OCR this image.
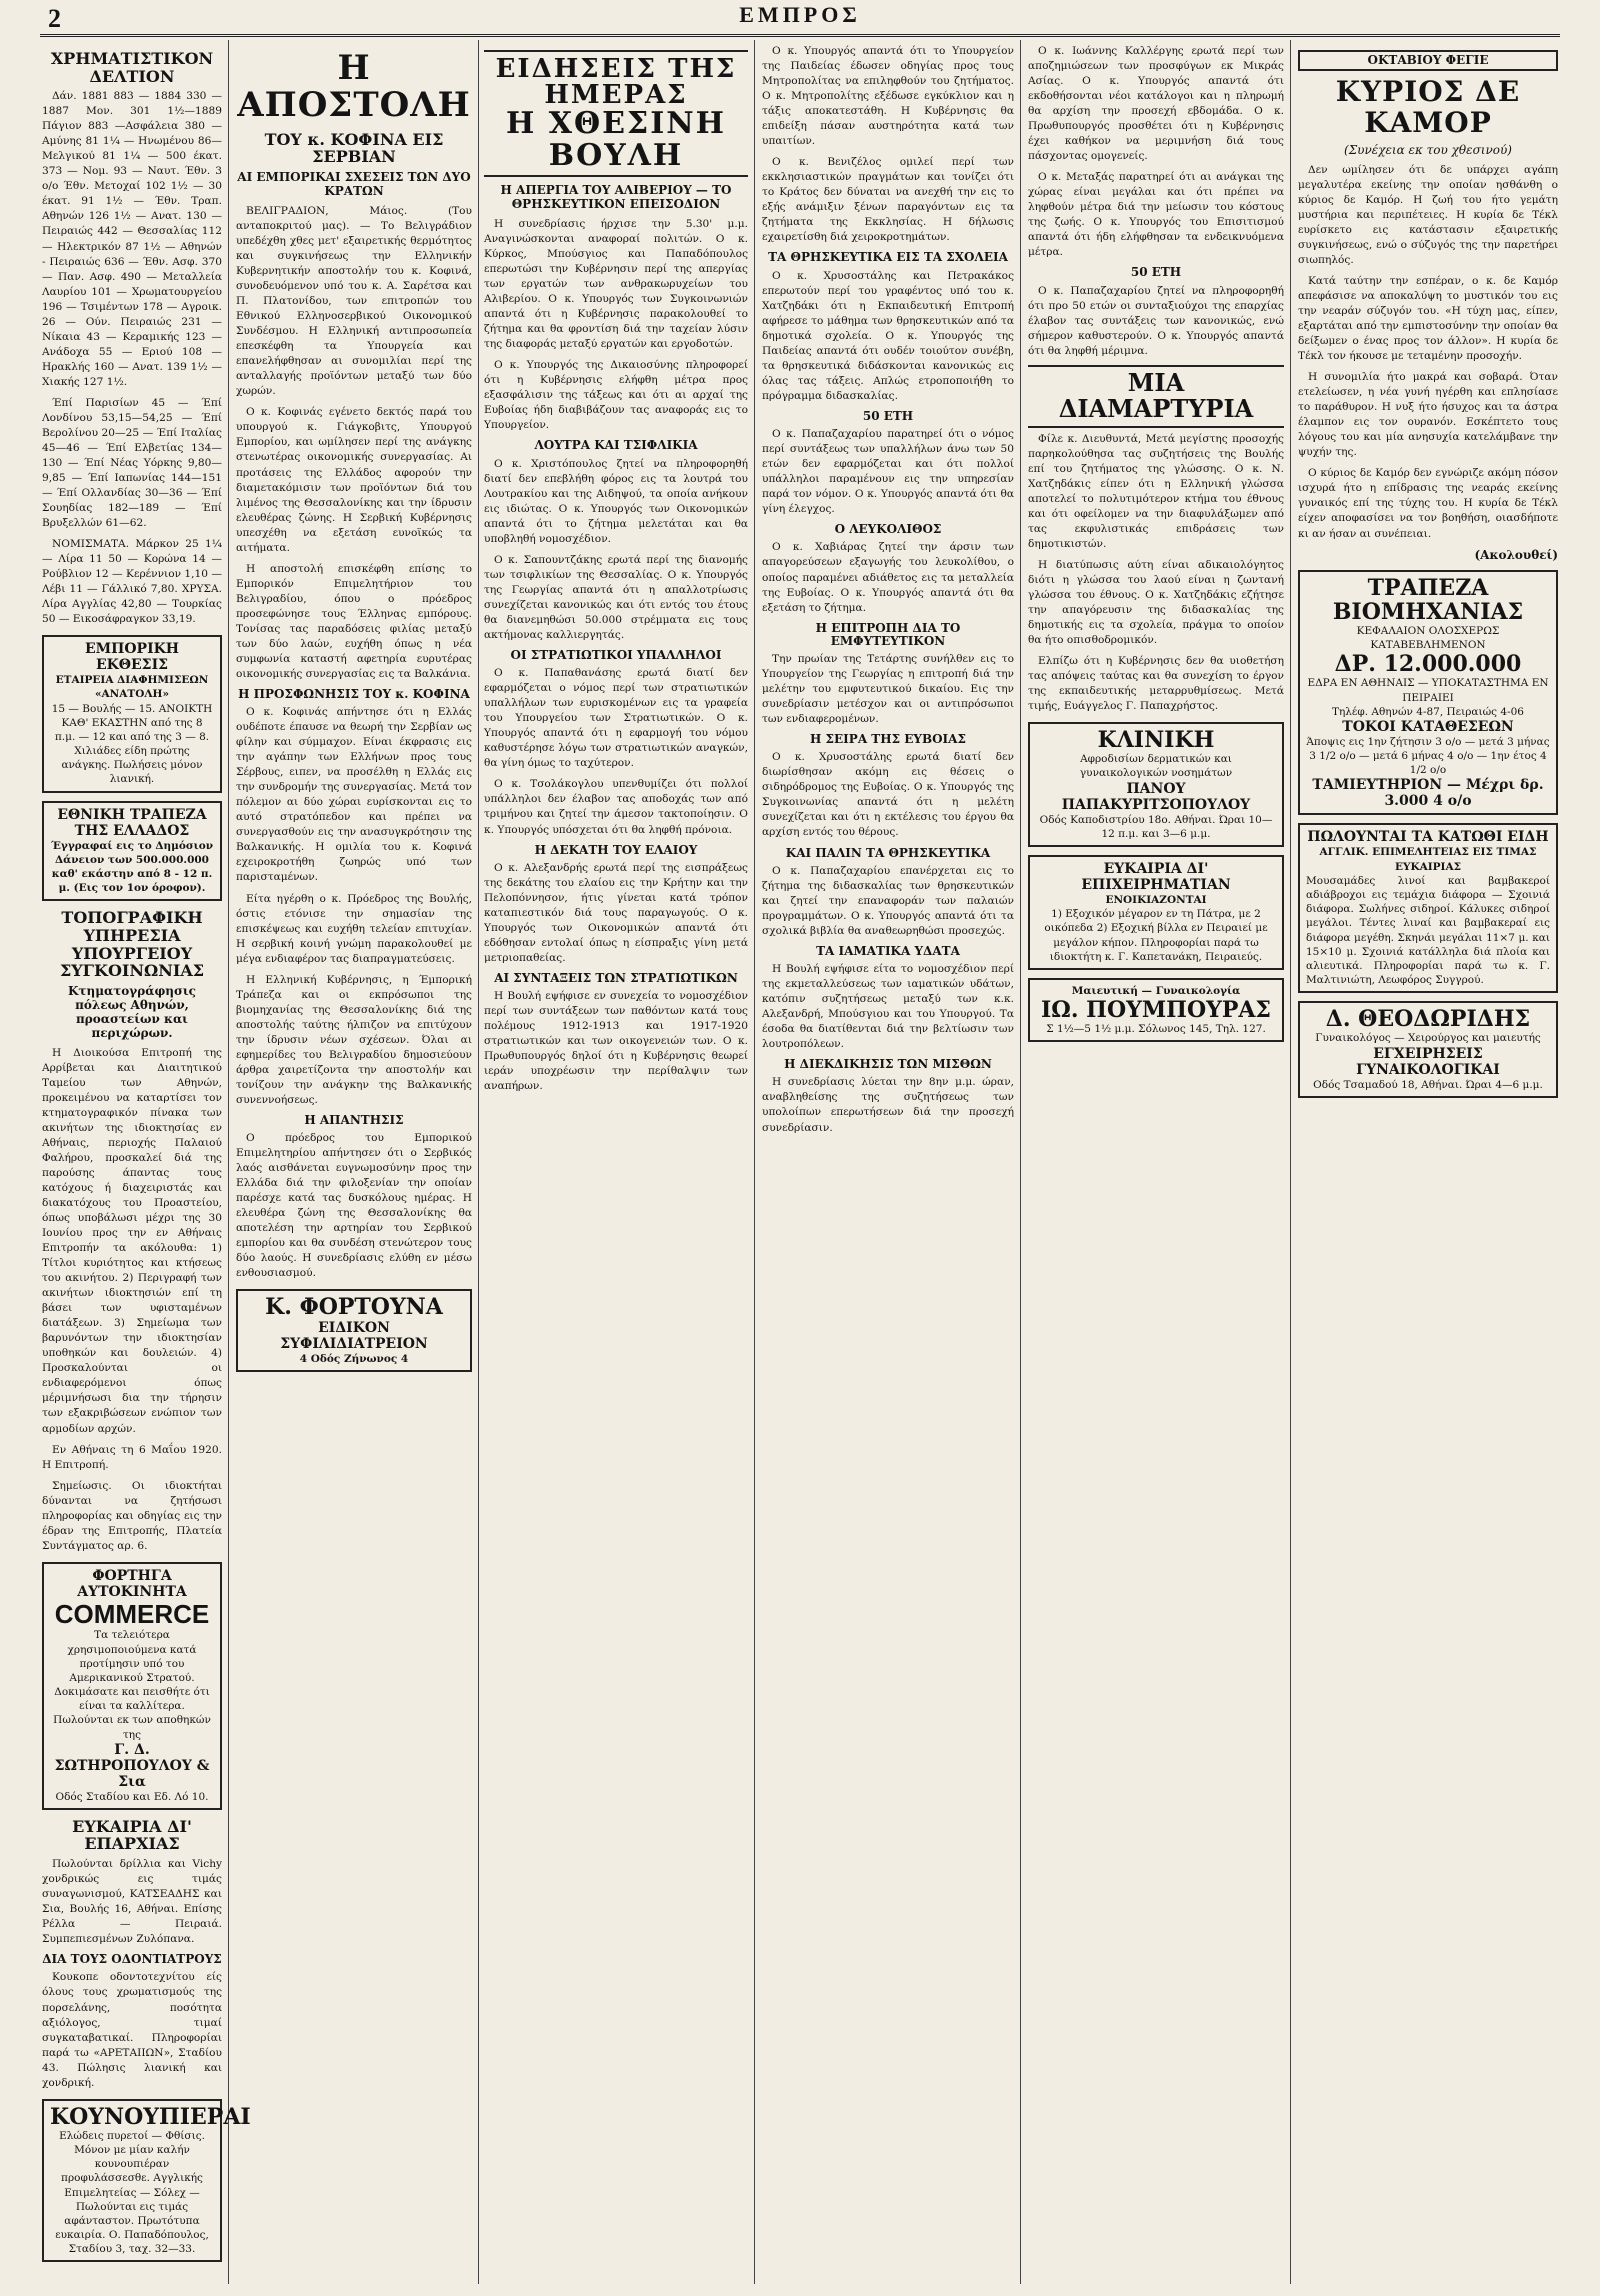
2	ΕΜΠΡΟΣ
ΧΡΗΜΑΤΙΣΤΙΚΟΝ ΔΕΛΤΙΟΝ

Δάν. 1881 883 — 1884 330 — 1887 Μον. 301 1½—1889 Πάγιον 883 —Ασφάλεια 380 —Αμύνης 81 1¼ — Ηνωμένου 86— Μελγικού 81 1¼ — 500 έκατ. 373 — Νομ. 93 — Ναυτ. Έθν. 3 ο/ο Έθν. Μετοχαί 102 1½ — 30 έκατ. 91 1½ — Έθν. Τραπ. Αθηνών 126 1½ — Ανατ. 130 — Πειραιώς 442 — Θεσσαλίας 112 — Ηλεκτρικόν 87 1½ — Αθηνών - Πειραιώς 636 — Έθν. Ασφ. 370 — Παν. Ασφ. 490 — Μεταλλεία Λαυρίου 101 — Χρωματουργείου 196 — Τσιμέντων 178 — Αγροικ. 26 — Ούν. Πειραιώς 231 — Νίκαια 43 — Κεραμικής 123 — Ανάδοχα 55 — Εριού 108 — Ηρακλής 160 — Ανατ. 139 1½ — Χιακής 127 1½.

Έπί Παρισίων 45 — Έπί Λονδίνου 53,15—54,25 — Έπί Βερολίνου 20—25 — Έπί Ιταλίας 45—46 — Έπί Ελβετίας 134—130 — Έπί Νέας Υόρκης 9,80—9,85 — Έπί Ιαπωνίας 144—151 — Έπί Ολλανδίας 30—36 — Έπί Σουηδίας 182—189 — Έπί Βρυξελλών 61—62.

ΝΟΜΙΣΜΑΤΑ. Μάρκον 25 1¼ — Λίρα 11 50 — Κορώνα 14 — Ρούβλιον 12 — Κερέννιον 1,10 — Λέβι 11 — Γάλλικό 7,80. ΧΡΥΣΑ. Λίρα Αγγλίας 42,80 — Τουρκίας 50 — Εικοσάφραγκον 33,19.

ΕΜΠΟΡΙΚΗ ΕΚΘΕΣΙΣ
ΕΤΑΙΡΕΙΑ ΔΙΑΦΗΜΙΣΕΩΝ «ΑΝΑΤΟΛΗ»
15 — Βουλής — 15. ΑΝΟΙΚΤΗ ΚΑΘ' ΕΚΑΣΤΗΝ από της 8 π.μ. — 12 και από της 3 — 8. Χιλιάδες είδη πρώτης ανάγκης. Πωλήσεις μόνον λιανική.
ΕΘΝΙΚΗ ΤΡΑΠΕΖΑ ΤΗΣ ΕΛΛΑΔΟΣ
Έγγραφαί εις το Δημόσιον Δάνειον των 500.000.000 καθ' εκάστην από 8 - 12 π. μ. (Εις τον 1ον όροφον).
ΤΟΠΟΓΡΑΦΙΚΗ ΥΠΗΡΕΣΙΑ ΥΠΟΥΡΓΕΙΟΥ ΣΥΓΚΟΙΝΩΝΙΑΣ
Κτηματογράφησις πόλεως Αθηνών, προαστείων και περιχώρων.

Η Διοικούσα Επιτροπή της Αρρίβεται και Διαιτητικού Ταμείου των Αθηνών, προκειμένου να καταρτίσει τον κτηματογραφικόν πίνακα των ακινήτων της ιδιοκτησίας εν Αθήναις, περιοχής Παλαιού Φαλήρου, προσκαλεί διά της παρούσης άπαντας τους κατόχους ή διαχειριστάς και διακατόχους του Προαστείου, όπως υποβάλωσι μέχρι της 30 Ιουνίου προς την εν Αθήναις Επιτροπήν τα ακόλουθα: 1) Τίτλοι κυριότητος και κτήσεως του ακινήτου. 2) Περιγραφή των ακινήτων ιδιοκτησιών επί τη βάσει των υφισταμένων διατάξεων. 3) Σημείωμα των βαρυνόντων την ιδιοκτησίαν υποθηκών και δουλειών. 4) Προσκαλούνται οι ενδιαφερόμενοι όπως μέριμνήσωσι δια την τήρησιν των εξακριβώσεων ενώπιον των αρμοδίων αρχών.

Εν Αθήναις τη 6 Μαΐου 1920. Η Επιτροπή.

Σημείωσις. Οι ιδιοκτήται δύνανται να ζητήσωσι πληροφορίας και οδηγίας εις την έδραν της Επιτροπής, Πλατεία Συντάγματος αρ. 6.

ΦΟΡΤΗΓΑ ΑΥΤΟΚΙΝΗΤΑ
COMMERCE
Τα τελειότερα χρησιμοποιούμενα κατά προτίμησιν υπό του Αμερικανικού Στρατού. Δοκιμάσατε και πεισθήτε ότι είναι τα καλλίτερα. Πωλούνται εκ των αποθηκών της
Γ. Δ. ΣΩΤΗΡΟΠΟΥΛΟΥ & Σια
Οδός Σταδίου και Εδ. Λό 10.
ΕΥΚΑΙΡΙΑ ΔΙ' ΕΠΑΡΧΙΑΣ

Πωλούνται δρίλλια και Vichy χονδρικώς εις τιμάς συναγωνισμού, ΚΑΤΣΕΑΔΗΣ και Σια, Βουλής 16, Αθήναι. Επίσης Ρέλλα — Πειραιά. Συμπεπιεσμένων Ζυλόπανα.

ΔΙΑ ΤΟΥΣ ΟΔΟΝΤΙΑΤΡΟΥΣ

Κουκοπε οδοντοτεχνίτου είς όλους τους χρωματισμούς της πορσελάνης, ποσότητα αξιόλογος, τιμαί συγκαταβατικαί. Πληροφορίαι παρά τω «ΑΡΕΤΑΙΙΩΝ», Σταδίου 43. Πώλησις λιανική και χονδρική.

ΚΟΥΝΟΥΠΙΕΡΑΙ
Ελώδεις πυρετοί — Φθίσις. Μόνον με μίαν καλήν κουνουπιέραν προφυλάσσεσθε. Αγγλικής Επιμελητείας — Σόλεχ — Πωλούνται εις τιμάς αφάνταστον. Πρωτότυπα ευκαιρία. Ο. Παπαδόπουλος, Σταδίου 3, ταχ. 32—33.
Η ΑΠΟΣΤΟΛΗ
ΤΟΥ κ. ΚΟΦΙΝΑ ΕΙΣ ΣΕΡΒΙΑΝ
ΑΙ ΕΜΠΟΡΙΚΑΙ ΣΧΕΣΕΙΣ ΤΩΝ ΔΥΟ ΚΡΑΤΩΝ

ΒΕΛΙΓΡΑΔΙΟΝ, Μάιος. (Του ανταποκριτού μας). — Το Βελιγράδιον υπεδέχθη χθες μετ' εξαιρετικής θερμότητος και συγκινήσεως την Ελληνικήν Κυβερνητικήν αποστολήν του κ. Κοφινά, συνοδευόμενον υπό του κ. Α. Σαρέτσα και Π. Πλατονίδου, των επιτροπών του Εθνικού Ελληνοσερβικού Οικονομικού Συνδέσμου. Η Ελληνική αντιπροσωπεία επεσκέφθη τα Υπουργεία και επανελήφθησαν αι συνομιλίαι περί της ανταλλαγής προϊόντων μεταξύ των δύο χωρών.

Ο κ. Κοφινάς εγένετο δεκτός παρά του υπουργού κ. Γιάγκοβιτς, Υπουργού Εμπορίου, και ωμίλησεν περί της ανάγκης στενωτέρας οικονομικής συνεργασίας. Αι προτάσεις της Ελλάδος αφορούν την διαμετακόμισιν των προϊόντων διά του λιμένος της Θεσσαλονίκης και την ίδρυσιν ελευθέρας ζώνης. Η Σερβική Κυβέρνησις υπεσχέθη να εξετάση ευνοϊκώς τα αιτήματα.

Η αποστολή επισκέφθη επίσης το Εμπορικόν Επιμελητήριον του Βελιγραδίου, όπου ο πρόεδρος προσεφώνησε τους Έλληνας εμπόρους. Τονίσας τας παραδόσεις φιλίας μεταξύ των δύο λαών, ευχήθη όπως η νέα συμφωνία καταστή αφετηρία ευρυτέρας οικονομικής συνεργασίας εις τα Βαλκάνια.

Η ΠΡΟΣΦΩΝΗΣΙΣ ΤΟΥ κ. ΚΟΦΙΝΑ

Ο κ. Κοφινάς απήντησε ότι η Ελλάς ουδέποτε έπαυσε να θεωρή την Σερβίαν ως φίλην και σύμμαχον. Είναι έκφρασις εις την αγάπην των Ελλήνων προς τους Σέρβους, ειπεν, να προσέλθη η Ελλάς εις την συνδρομήν της συνεργασίας. Μετά τον πόλεμον αι δύο χώραι ευρίσκονται εις το αυτό στρατόπεδον και πρέπει να συνεργασθούν εις την ανασυγκρότησιν της Βαλκανικής. Η ομιλία του κ. Κοφινά εχειροκροτήθη ζωηρώς υπό των παρισταμένων.

Είτα ηγέρθη ο κ. Πρόεδρος της Βουλής, όστις ετόνισε την σημασίαν της επισκέψεως και ευχήθη τελείαν επιτυχίαν. Η σερβική κοινή γνώμη παρακολουθεί με μέγα ενδιαφέρον τας διαπραγματεύσεις.

Η Ελληνική Κυβέρνησις, η Έμπορική Τράπεζα και οι εκπρόσωποι της βιομηχανίας της Θεσσαλονίκης διά της αποστολής ταύτης ήλπιζον να επιτύχουν την ίδρυσιν νέων σχέσεων. Όλαι αι εφημερίδες του Βελιγραδίου δημοσιεύουν άρθρα χαιρετίζοντα την αποστολήν και τονίζουν την ανάγκην της Βαλκανικής συνεννοήσεως.

Η ΑΠΑΝΤΗΣΙΣ

Ο πρόεδρος του Εμπορικού Επιμελητηρίου απήντησεν ότι ο Σερβικός λαός αισθάνεται ευγνωμοσύνην προς την Ελλάδα διά την φιλοξενίαν την οποίαν παρέσχε κατά τας δυσκόλους ημέρας. Η ελευθέρα ζώνη της Θεσσαλονίκης θα αποτελέση την αρτηρίαν του Σερβικού εμπορίου και θα συνδέση στενώτερον τους δύο λαούς. Η συνεδρίασις ελύθη εν μέσω ενθουσιασμού.

Κ. ΦΟΡΤΟΥΝΑ
ΕΙΔΙΚΟΝ ΣΥΦΙΛΙΔΙΑΤΡΕΙΟΝ
4 Οδός Ζήνωνος 4

Ο κ. Υπουργός απαντά ότι το Υπουργείον της Παιδείας έδωσεν οδηγίας προς τους Μητροπολίτας να επιληφθούν του ζητήματος. Ο κ. Μητροπολίτης εξέδωσε εγκύκλιον και η τάξις αποκατεστάθη. Η Κυβέρνησις θα επιδείξη πάσαν αυστηρότητα κατά των υπαιτίων.

Ο κ. Βενιζέλος ομιλεί περί των εκκλησιαστικών πραγμάτων και τονίζει ότι το Κράτος δεν δύναται να ανεχθή την εις το εξής ανάμιξιν ξένων παραγόντων εις τα ζητήματα της Εκκλησίας. Η δήλωσις εχαιρετίσθη διά χειροκροτημάτων.

ΤΑ ΘΡΗΣΚΕΥΤΙΚΑ ΕΙΣ ΤΑ ΣΧΟΛΕΙΑ

Ο κ. Χρυσοστάλης και Πετρακάκος επερωτούν περί του γραφέντος υπό του κ. Χατζηδάκι ότι η Εκπαιδευτική Επιτροπή αφήρεσε το μάθημα των θρησκευτικών από τα δημοτικά σχολεία. Ο κ. Υπουργός της Παιδείας απαντά ότι ουδέν τοιούτον συνέβη, τα θρησκευτικά διδάσκονται κανονικώς εις όλας τας τάξεις. Απλώς ετροποποιήθη το πρόγραμμα διδασκαλίας.

50 ΕΤΗ

Ο κ. Παπαζαχαρίου παρατηρεί ότι ο νόμος περί συντάξεως των υπαλλήλων άνω των 50 ετών δεν εφαρμόζεται και ότι πολλοί υπάλληλοι παραμένουν εις την υπηρεσίαν παρά τον νόμον. Ο κ. Υπουργός απαντά ότι θα γίνη έλεγχος.

Ο ΛΕΥΚΟΛΙΘΟΣ

Ο κ. Χαβιάρας ζητεί την άρσιν των απαγορεύσεων εξαγωγής του λευκολίθου, ο οποίος παραμένει αδιάθετος εις τα μεταλλεία της Ευβοίας. Ο κ. Υπουργός απαντά ότι θα εξετάση το ζήτημα.

Η ΕΠΙΤΡΟΠΗ ΔΙΑ ΤΟ ΕΜΦΥΤΕΥΤΙΚΟΝ

Την πρωίαν της Τετάρτης συνήλθεν εις το Υπουργείον της Γεωργίας η επιτροπή διά την μελέτην του εμφυτευτικού δικαίου. Εις την συνεδρίασιν μετέσχον και οι αντιπρόσωποι των ενδιαφερομένων.

Η ΣΕΙΡΑ ΤΗΣ ΕΥΒΟΙΑΣ

Ο κ. Χρυσοστάλης ερωτά διατί δεν διωρίσθησαν ακόμη εις θέσεις ο σιδηρόδρομος της Ευβοίας. Ο κ. Υπουργός της Συγκοινωνίας απαντά ότι η μελέτη συνεχίζεται και ότι η εκτέλεσις του έργου θα αρχίση εντός του θέρους.

ΚΑΙ ΠΑΛΙΝ ΤΑ ΘΡΗΣΚΕΥΤΙΚΑ

Ο κ. Παπαζαχαρίου επανέρχεται εις το ζήτημα της διδασκαλίας των θρησκευτικών και ζητεί την επαναφοράν των παλαιών προγραμμάτων. Ο κ. Υπουργός απαντά ότι τα σχολικά βιβλία θα αναθεωρηθώσι προσεχώς.

ΤΑ ΙΑΜΑΤΙΚΑ ΥΔΑΤΑ

Η Βουλή εψήφισε είτα το νομοσχέδιον περί της εκμεταλλεύσεως των ιαματικών υδάτων, κατόπιν συζητήσεως μεταξύ των κ.κ. Αλεξανδρή, Μπούσγιου και του Υπουργού. Τα έσοδα θα διατίθενται διά την βελτίωσιν των λουτροπόλεων.

Η ΔΙΕΚΔΙΚΗΣΙΣ ΤΩΝ ΜΙΣΘΩΝ

Η συνεδρίασις λύεται την 8ην μ.μ. ώραν, αναβληθείσης της συζητήσεως των υπολοίπων επερωτήσεων διά την προσεχή συνεδρίασιν.

ΕΙΔΗΣΕΙΣ ΤΗΣ ΗΜΕΡΑΣ
Η ΧΘΕΣΙΝΗ ΒΟΥΛΗ
Η ΑΠΕΡΓΙΑ ΤΟΥ ΑΛΙΒΕΡΙΟΥ — ΤΟ ΘΡΗΣΚΕΥΤΙΚΟΝ ΕΠΕΙΣΟΔΙΟΝ

Η συνεδρίασις ήρχισε την 5.30' μ.μ. Αναγινώσκονται αναφοραί πολιτών. Ο κ. Κύρκος, Μπούσγιος και Παπαδόπουλος επερωτώσι την Κυβέρνησιν περί της απεργίας των εργατών των ανθρακωρυχείων του Αλιβερίου. Ο κ. Υπουργός των Συγκοινωνιών απαντά ότι η Κυβέρνησις παρακολουθεί το ζήτημα και θα φροντίση διά την ταχείαν λύσιν της διαφοράς μεταξύ εργατών και εργοδοτών.

Ο κ. Υπουργός της Δικαιοσύνης πληροφορεί ότι η Κυβέρνησις ελήφθη μέτρα προς εξασφάλισιν της τάξεως και ότι αι αρχαί της Ευβοίας ήδη διαβιβάζουν τας αναφοράς εις το Υπουργείον.

ΛΟΥΤΡΑ ΚΑΙ ΤΣΙΦΛΙΚΙΑ

Ο κ. Χριστόπουλος ζητεί να πληροφορηθή διατί δεν επεβλήθη φόρος εις τα λουτρά του Λουτρακίου και της Αιδηψού, τα οποία ανήκουν εις ιδιώτας. Ο κ. Υπουργός των Οικονομικών απαντά ότι το ζήτημα μελετάται και θα υποβληθή νομοσχέδιον.

Ο κ. Σαπουντζάκης ερωτά περί της διανομής των τσιφλικίων της Θεσσαλίας. Ο κ. Υπουργός της Γεωργίας απαντά ότι η απαλλοτρίωσις συνεχίζεται κανονικώς και ότι εντός του έτους θα διανεμηθώσι 50.000 στρέμματα εις τους ακτήμονας καλλιεργητάς.

ΟΙ ΣΤΡΑΤΙΩΤΙΚΟΙ ΥΠΑΛΛΗΛΟΙ

Ο κ. Παπαθανάσης ερωτά διατί δεν εφαρμόζεται ο νόμος περί των στρατιωτικών υπαλλήλων των ευρισκομένων εις τα γραφεία του Υπουργείου των Στρατιωτικών. Ο κ. Υπουργός απαντά ότι η εφαρμογή του νόμου καθυστέρησε λόγω των στρατιωτικών αναγκών, θα γίνη όμως το ταχύτερον.

Ο κ. Τσολάκογλου υπενθυμίζει ότι πολλοί υπάλληλοι δεν έλαβον τας αποδοχάς των από τριμήνου και ζητεί την άμεσον τακτοποίησιν. Ο κ. Υπουργός υπόσχεται ότι θα ληφθή πρόνοια.

Η ΔΕΚΑΤΗ ΤΟΥ ΕΛΑΙΟΥ

Ο κ. Αλεξανδρής ερωτά περί της εισπράξεως της δεκάτης του ελαίου εις την Κρήτην και την Πελοπόννησον, ήτις γίνεται κατά τρόπον καταπιεστικόν διά τους παραγωγούς. Ο κ. Υπουργός των Οικονομικών απαντά ότι εδόθησαν εντολαί όπως η είσπραξις γίνη μετά μετριοπαθείας.

ΑΙ ΣΥΝΤΑΞΕΙΣ ΤΩΝ ΣΤΡΑΤΙΩΤΙΚΩΝ

Η Βουλή εψήφισε εν συνεχεία το νομοσχέδιον περί των συντάξεων των παθόντων κατά τους πολέμους 1912-1913 και 1917-1920 στρατιωτικών και των οικογενειών των. Ο κ. Πρωθυπουργός δηλοί ότι η Κυβέρνησις θεωρεί ιεράν υποχρέωσιν την περίθαλψιν των αναπήρων.

Ο κ. Ιωάννης Καλλέργης ερωτά περί των αποζημιώσεων των προσφύγων εκ Μικράς Ασίας. Ο κ. Υπουργός απαντά ότι εκδοθήσονται νέοι κατάλογοι και η πληρωμή θα αρχίση την προσεχή εβδομάδα. Ο κ. Πρωθυπουργός προσθέτει ότι η Κυβέρνησις έχει καθήκον να μεριμνήση διά τους πάσχοντας ομογενείς.

Ο κ. Μεταξάς παρατηρεί ότι αι ανάγκαι της χώρας είναι μεγάλαι και ότι πρέπει να ληφθούν μέτρα διά την μείωσιν του κόστους της ζωής. Ο κ. Υπουργός του Επισιτισμού απαντά ότι ήδη ελήφθησαν τα ενδεικνυόμενα μέτρα.

50 ΕΤΗ

Ο κ. Παπαζαχαρίου ζητεί να πληροφορηθή ότι προ 50 ετών οι συνταξιούχοι της επαρχίας έλαβον τας συντάξεις των κανονικώς, ενώ σήμερον καθυστερούν. Ο κ. Υπουργός απαντά ότι θα ληφθή μέριμνα.

ΜΙΑ ΔΙΑΜΑΡΤΥΡΙΑ

Φίλε κ. Διευθυντά, Μετά μεγίστης προσοχής παρηκολούθησα τας συζητήσεις της Βουλής επί του ζητήματος της γλώσσης. Ο κ. Ν. Χατζηδάκις είπεν ότι η Ελληνική γλώσσα αποτελεί το πολυτιμότερον κτήμα του έθνους και ότι οφείλομεν να την διαφυλάξωμεν από τας εκφυλιστικάς επιδράσεις των δημοτικιστών.

Η διατύπωσις αύτη είναι αδικαιολόγητος διότι η γλώσσα του λαού είναι η ζωντανή γλώσσα του έθνους. Ο κ. Χατζηδάκις εζήτησε την απαγόρευσιν της διδασκαλίας της δημοτικής εις τα σχολεία, πράγμα το οποίον θα ήτο οπισθοδρομικόν.

Ελπίζω ότι η Κυβέρνησις δεν θα υιοθετήση τας απόψεις ταύτας και θα συνεχίση το έργον της εκπαιδευτικής μεταρρυθμίσεως. Μετά τιμής, Ευάγγελος Γ. Παπαχρήστος.

ΚΛΙΝΙΚΗ
Αφροδισίων δερματικών και γυναικολογικών νοσημάτων
ΠΑΝΟΥ ΠΑΠΑΚΥΡΙΤΣΟΠΟΥΛΟΥ
Οδός Καποδιστρίου 18ο. Αθήναι. Ώραι 10—12 π.μ. και 3—6 μ.μ.
ΕΥΚΑΙΡΙΑ ΔΙ' ΕΠΙΧΕΙΡΗΜΑΤΙΑΝ
ΕΝΟΙΚΙΑΖΟΝΤΑΙ
1) Εξοχικόν μέγαρον εν τη Πάτρα, με 2 οικόπεδα 2) Εξοχική βίλλα εν Πειραιεί με μεγάλον κήπον. Πληροφορίαι παρά τω ιδιοκτήτη κ. Γ. Καπετανάκη, Πειραιεύς.
Μαιευτική — Γυναικολογία
ΙΩ. ΠΟΥΜΠΟΥΡΑΣ
Σ 1½—5 1½ μ.μ. Σόλωνος 145, Τηλ. 127.
ΟΚΤΑΒΙΟΥ ΦΕΓΙΕ
ΚΥΡΙΟΣ ΔΕ ΚΑΜΟΡ
(Συνέχεια εκ του χθεσινού)

Δεν ωμίλησεν ότι δε υπάρχει αγάπη μεγαλυτέρα εκείνης την οποίαν ησθάνθη ο κύριος δε Καμόρ. Η ζωή του ήτο γεμάτη μυστήρια και περιπέτειες. Η κυρία δε Τέκλ ευρίσκετο εις κατάστασιν εξαιρετικής συγκινήσεως, ενώ ο σύζυγός της την παρετήρει σιωπηλός.

Κατά ταύτην την εσπέραν, ο κ. δε Καμόρ απεφάσισε να αποκαλύψη το μυστικόν του εις την νεαράν σύζυγόν του. «Η τύχη μας, είπεν, εξαρτάται από την εμπιστοσύνην την οποίαν θα δείξωμεν ο ένας προς τον άλλον». Η κυρία δε Τέκλ τον ήκουσε με τεταμένην προσοχήν.

Η συνομιλία ήτο μακρά και σοβαρά. Όταν ετελείωσεν, η νέα γυνή ηγέρθη και επλησίασε το παράθυρον. Η νυξ ήτο ήσυχος και τα άστρα έλαμπον εις τον ουρανόν. Εσκέπτετο τους λόγους του και μία ανησυχία κατελάμβανε την ψυχήν της.

Ο κύριος δε Καμόρ δεν εγνώριζε ακόμη πόσον ισχυρά ήτο η επίδρασις της νεαράς εκείνης γυναικός επί της τύχης του. Η κυρία δε Τέκλ είχεν αποφασίσει να τον βοηθήση, οιασδήποτε κι αν ήσαν αι συνέπειαι.

(Ακολουθεί)
ΤΡΑΠΕΖΑ ΒΙΟΜΗΧΑΝΙΑΣ
ΚΕΦΑΛΑΙΟΝ ΟΛΟΣΧΕΡΩΣ ΚΑΤΑΒΕΒΛΗΜΕΝΟΝ
ΔΡ. 12.000.000
ΕΔΡΑ ΕΝ ΑΘΗΝΑΙΣ — ΥΠΟΚΑΤΑΣΤΗΜΑ ΕΝ ΠΕΙΡΑΙΕΙ
Τηλέφ. Αθηνών 4-87, Πειραιώς 4-06
ΤΟΚΟΙ ΚΑΤΑΘΕΣΕΩΝ
Άποψις εις 1ην ζήτησιν 3 ο/ο — μετά 3 μήνας 3 1/2 ο/ο — μετά 6 μήνας 4 ο/ο — 1ην έτος 4 1/2 ο/ο
ΤΑΜΙΕΥΤΗΡΙΟΝ — Μέχρι δρ. 3.000 4 ο/ο
ΠΩΛΟΥΝΤΑΙ ΤΑ ΚΑΤΩΘΙ ΕΙΔΗ
ΑΓΓΛΙΚ. ΕΠΙΜΕΛΗΤΕΙΑΣ ΕΙΣ ΤΙΜΑΣ ΕΥΚΑΙΡΙΑΣ
Μουσαμάδες λινοί και βαμβακεροί αδιάβροχοι εις τεμάχια διάφορα — Σχοινιά διάφορα. Σωλήνες σιδηροί. Κάλυκες σιδηροί μεγάλοι. Τέντες λιναί και βαμβακεραί εις διάφορα μεγέθη. Σκηνάι μεγάλαι 11×7 μ. και 15×10 μ. Σχοινιά κατάλληλα διά πλοία και αλιευτικά. Πληροφορίαι παρά τω κ. Γ. Μαλτινιώτη, Λεωφόρος Συγγρού.
Δ. ΘΕΟΔΩΡΙΔΗΣ
Γυναικολόγος — Χειρούργος και μαιευτής
ΕΓΧΕΙΡΗΣΕΙΣ ΓΥΝΑΙΚΟΛΟΓΙΚΑΙ
Οδός Τσαμαδού 18, Αθήναι. Ώραι 4—6 μ.μ.
